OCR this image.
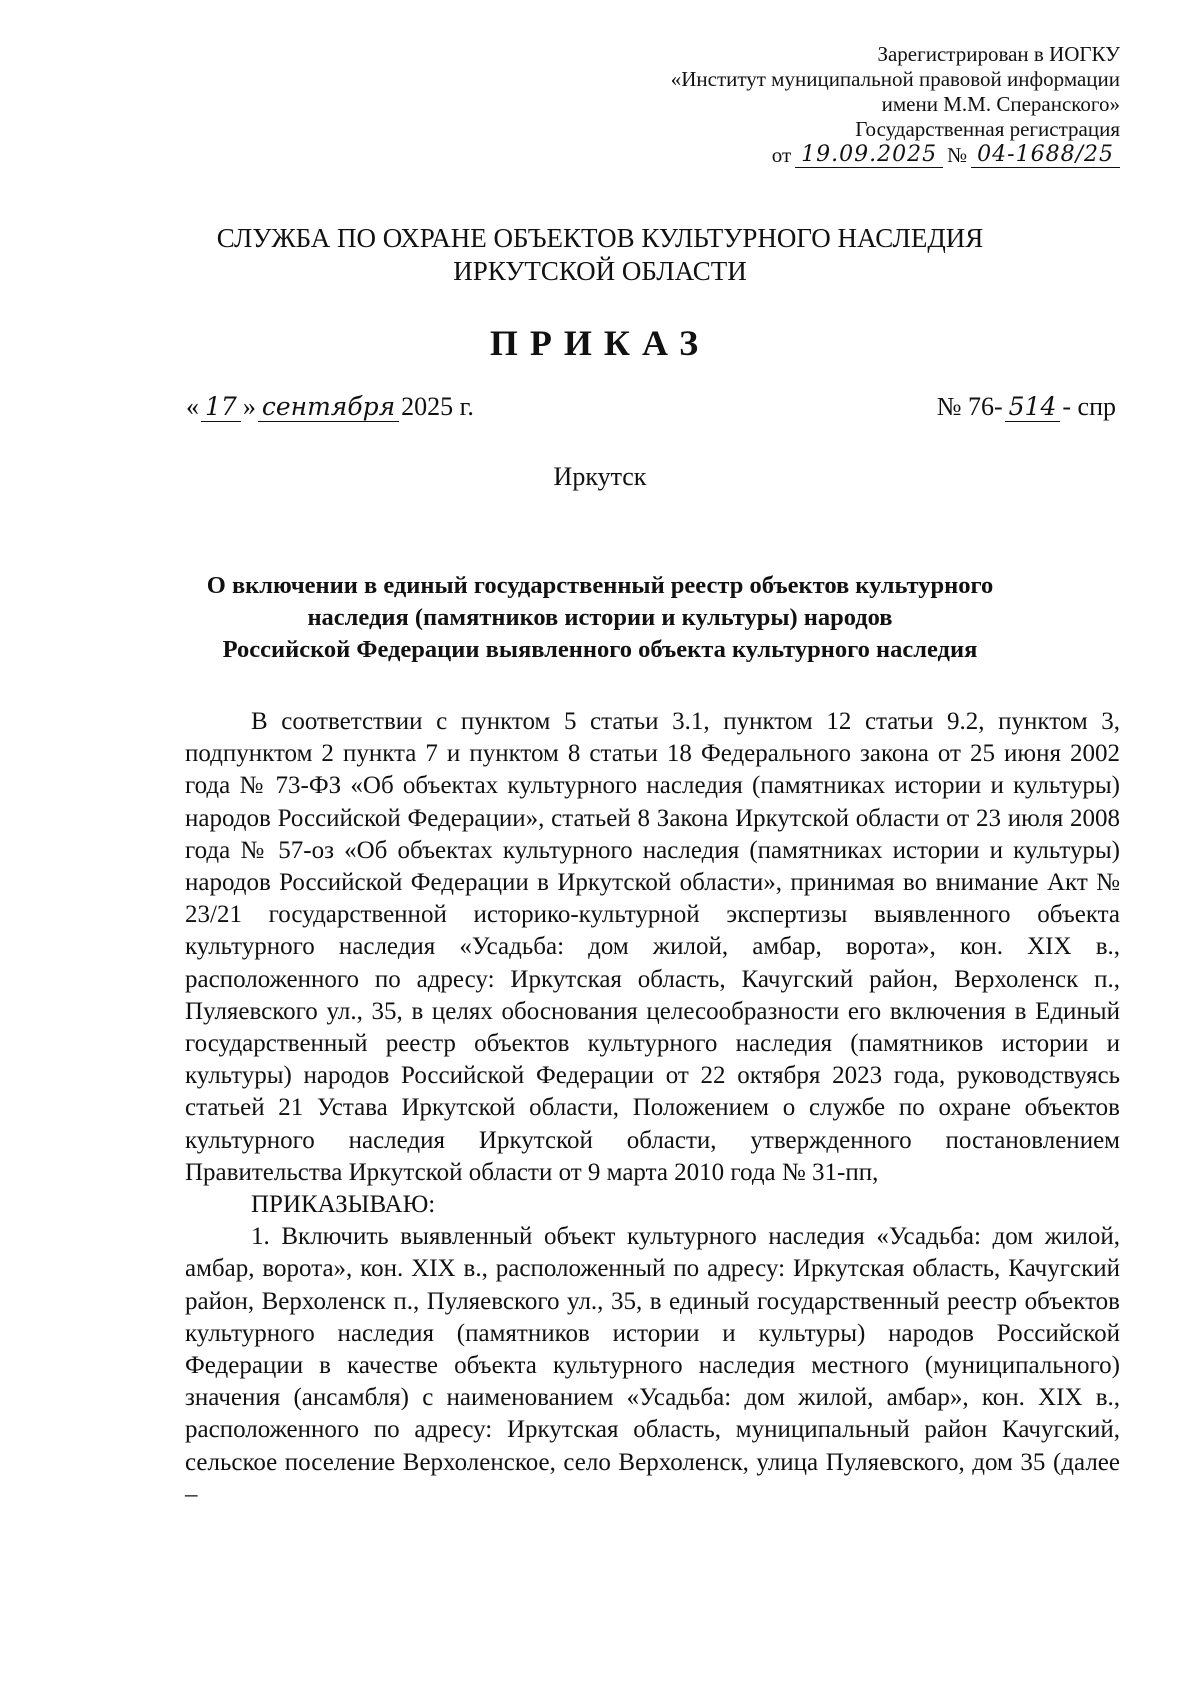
Зарегистрирован в ИОГКУ
«Институт муниципальной правовой информации
имени М.М. Сперанского»
Государственная регистрация
от 19.09.2025 № 04-1688/25
СЛУЖБА ПО ОХРАНЕ ОБЪЕКТОВ КУЛЬТУРНОГО НАСЛЕДИЯ
ИРКУТСКОЙ ОБЛАСТИ
ПРИКАЗ
« 17 » сентября 2025 г.	№ 76- 514 - спр
Иркутск
О включении в единый государственный реестр объектов культурного
наследия (памятников истории и культуры) народов
Российской Федерации выявленного объекта культурного наследия

В соответствии с пунктом 5 статьи 3.1, пунктом 12 статьи 9.2, пунктом 3, подпунктом 2 пункта 7 и пунктом 8 статьи 18 Федерального закона от 25 июня 2002 года № 73-ФЗ «Об объектах культурного наследия (памятниках истории и культуры) народов Российской Федерации», статьей 8 Закона Иркутской области от 23 июля 2008 года № 57-оз «Об объектах культурного наследия (памятниках истории и культуры) народов Российской Федерации в Иркутской области», принимая во внимание Акт № 23/21 государственной историко-культурной экспертизы выявленного объекта культурного наследия «Усадьба: дом жилой, амбар, ворота», кон. XIX в., расположенного по адресу: Иркутская область, Качугский район, Верхоленск п., Пуляевского ул., 35, в целях обоснования целесообразности его включения в Единый государственный реестр объектов культурного наследия (памятников истории и культуры) народов Российской Федерации от 22 октября 2023 года, руководствуясь статьей 21 Устава Иркутской области, Положением о службе по охране объектов культурного наследия Иркутской области, утвержденного постановлением Правительства Иркутской области от 9 марта 2010 года № 31-пп,

ПРИКАЗЫВАЮ:

1. Включить выявленный объект культурного наследия «Усадьба: дом жилой, амбар, ворота», кон. XIX в., расположенный по адресу: Иркутская область, Качугский район, Верхоленск п., Пуляевского ул., 35, в единый государственный реестр объектов культурного наследия (памятников истории и культуры) народов Российской Федерации в качестве объекта культурного наследия местного (муниципального) значения (ансамбля) с наименованием «Усадьба: дом жилой, амбар», кон. XIX в., расположенного по адресу: Иркутская область, муниципальный район Качугский, сельское поселение Верхоленское, село Верхоленск, улица Пуляевского, дом 35 (далее –
